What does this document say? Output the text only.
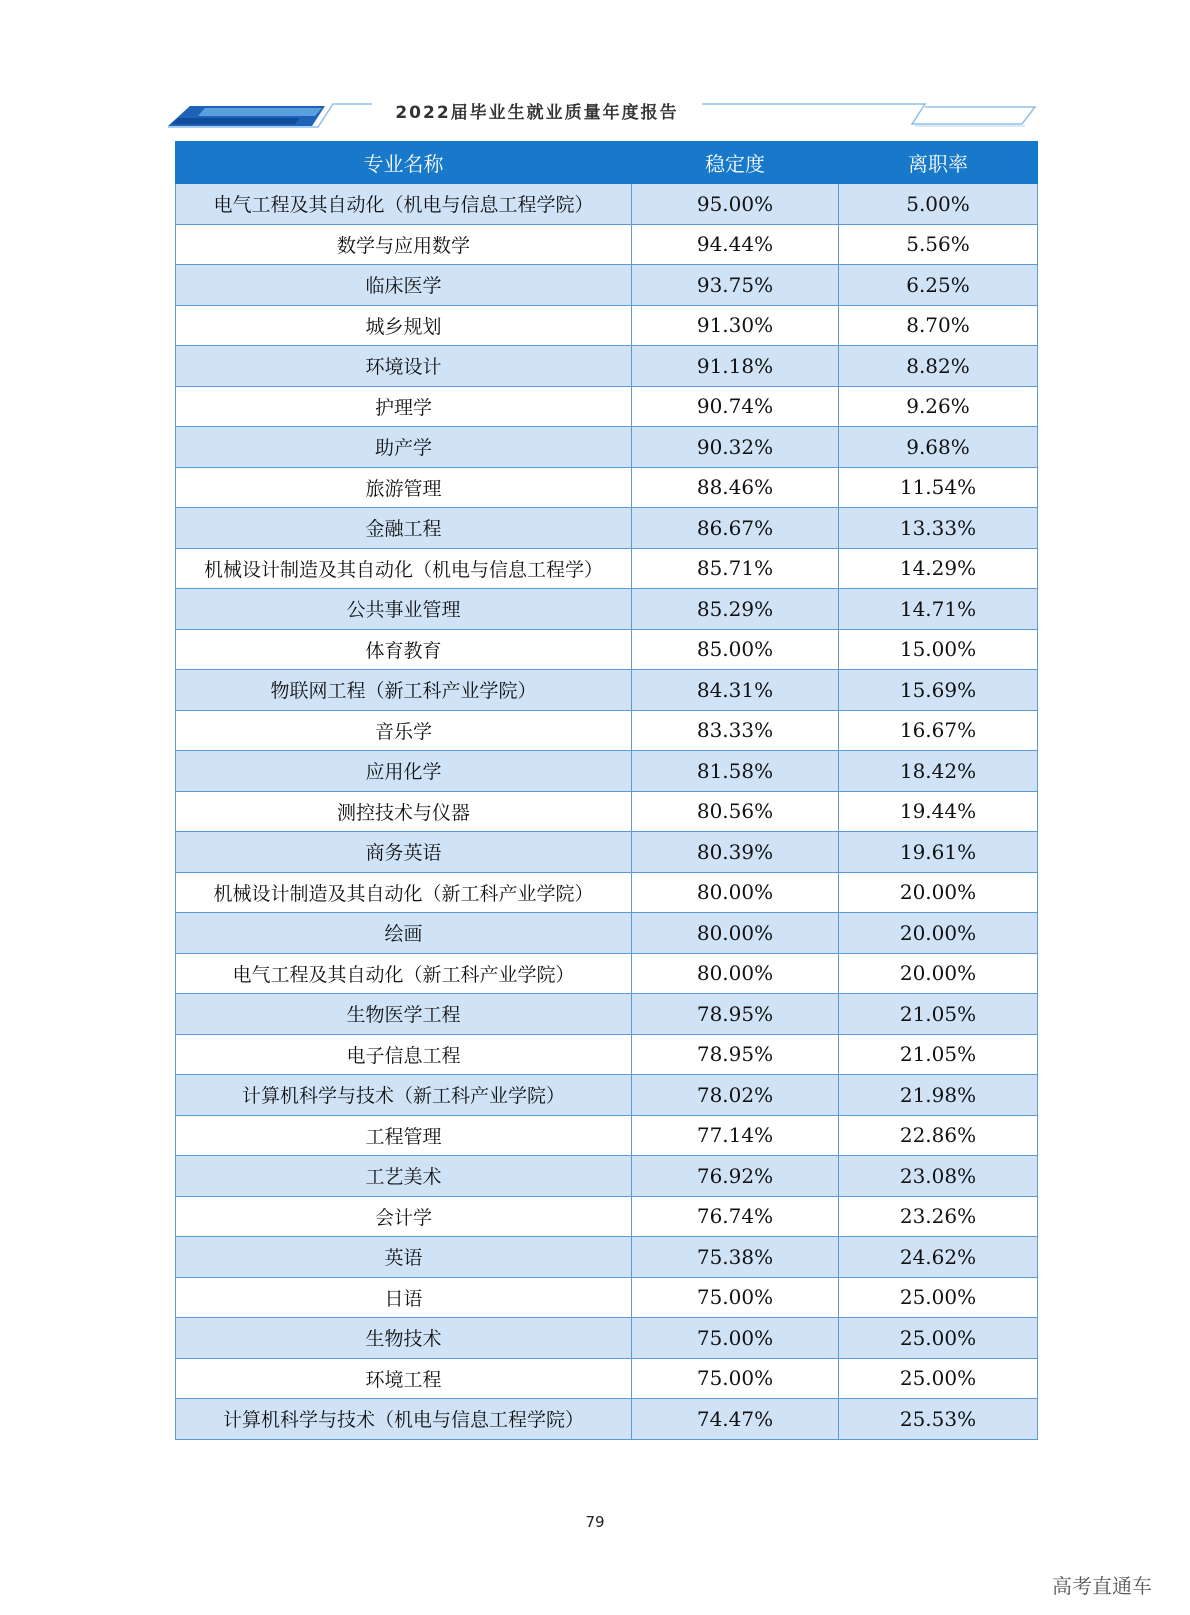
2022届毕业生就业质量年度报告
专业名称	稳定度	离职率
电气工程及其自动化（机电与信息工程学院）	95.00%	5.00%
数学与应用数学	94.44%	5.56%
临床医学	93.75%	6.25%
城乡规划	91.30%	8.70%
环境设计	91.18%	8.82%
护理学	90.74%	9.26%
助产学	90.32%	9.68%
旅游管理	88.46%	11.54%
金融工程	86.67%	13.33%
机械设计制造及其自动化（机电与信息工程学）	85.71%	14.29%
公共事业管理	85.29%	14.71%
体育教育	85.00%	15.00%
物联网工程（新工科产业学院）	84.31%	15.69%
音乐学	83.33%	16.67%
应用化学	81.58%	18.42%
测控技术与仪器	80.56%	19.44%
商务英语	80.39%	19.61%
机械设计制造及其自动化（新工科产业学院）	80.00%	20.00%
绘画	80.00%	20.00%
电气工程及其自动化（新工科产业学院）	80.00%	20.00%
生物医学工程	78.95%	21.05%
电子信息工程	78.95%	21.05%
计算机科学与技术（新工科产业学院）	78.02%	21.98%
工程管理	77.14%	22.86%
工艺美术	76.92%	23.08%
会计学	76.74%	23.26%
英语	75.38%	24.62%
日语	75.00%	25.00%
生物技术	75.00%	25.00%
环境工程	75.00%	25.00%
计算机科学与技术（机电与信息工程学院）	74.47%	25.53%
79
高考直通车
